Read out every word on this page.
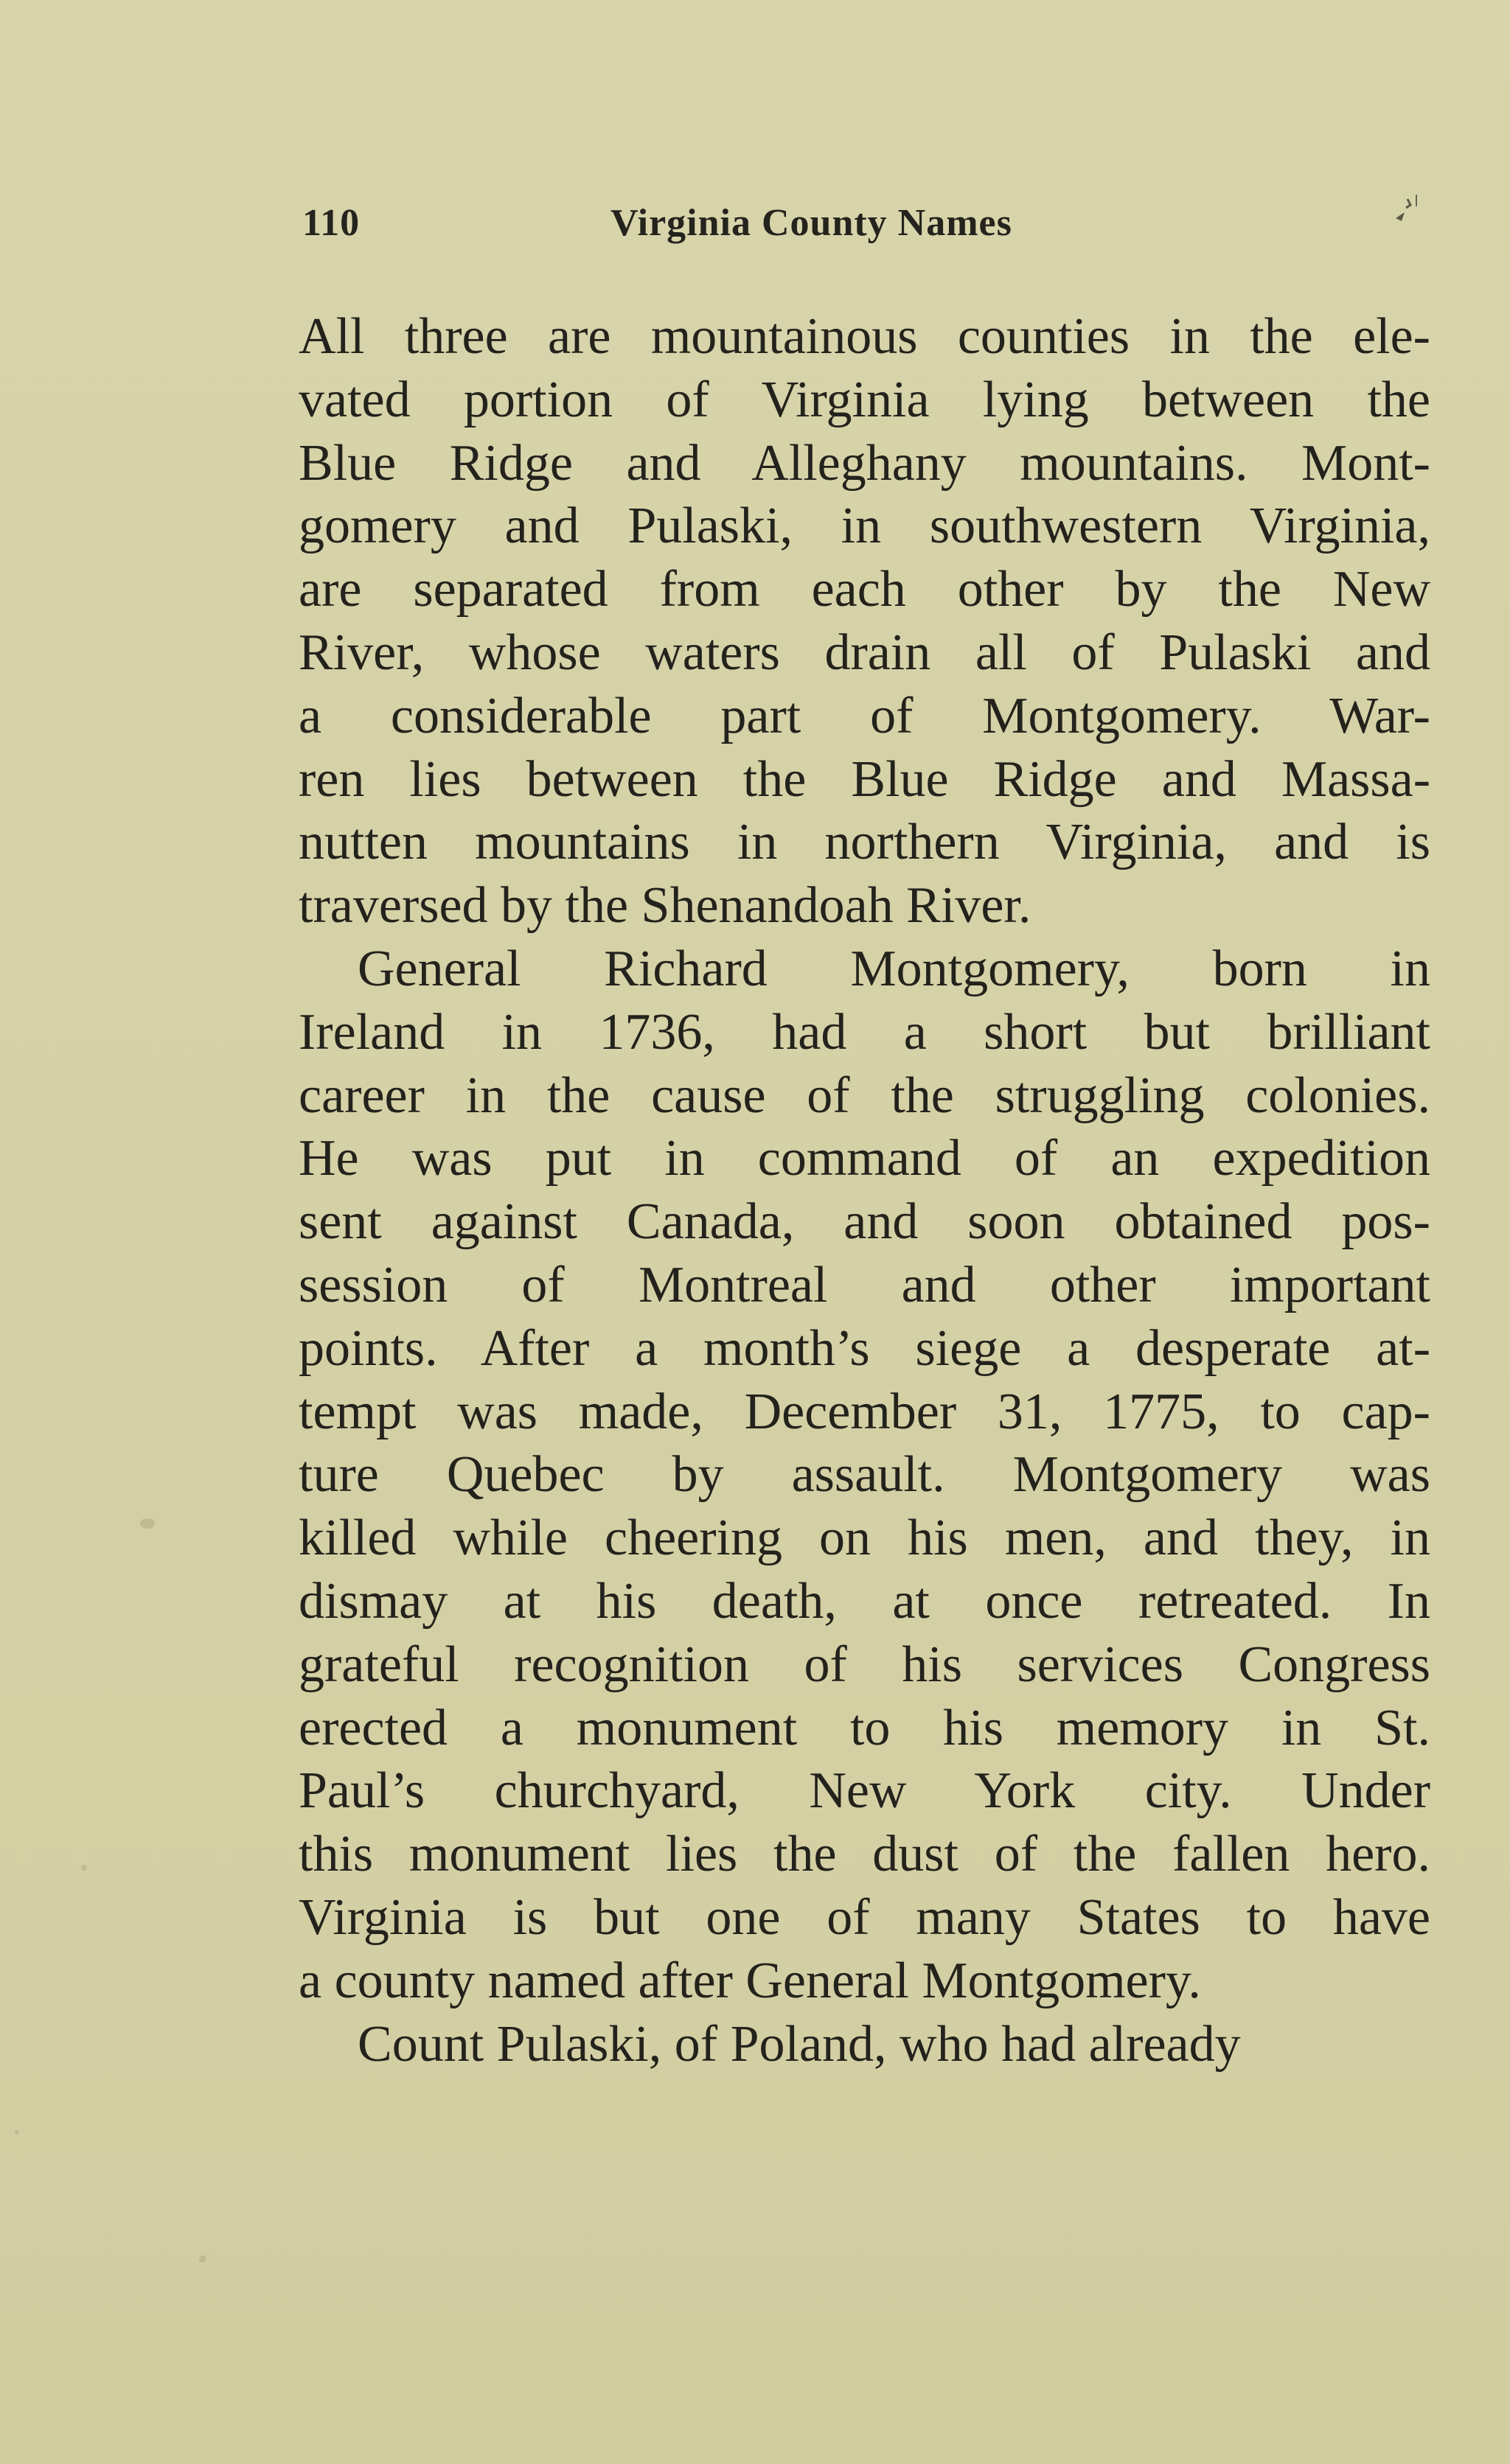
110	Virginia County Names
All three are mountainous counties in the ele-
vated portion of Virginia lying between the
Blue Ridge and Alleghany mountains. Mont-
gomery and Pulaski, in southwestern Virginia,
are separated from each other by the New
River, whose waters drain all of Pulaski and
a considerable part of Montgomery. War-
ren lies between the Blue Ridge and Massa-
nutten mountains in northern Virginia, and is
traversed by the Shenandoah River.
General Richard Montgomery, born in
Ireland in 1736, had a short but brilliant
career in the cause of the struggling colonies.
He was put in command of an expedition
sent against Canada, and soon obtained pos-
session of Montreal and other important
points. After a month’s siege a desperate at-
tempt was made, December 31, 1775, to cap-
ture Quebec by assault. Montgomery was
killed while cheering on his men, and they, in
dismay at his death, at once retreated. In
grateful recognition of his services Congress
erected a monument to his memory in St.
Paul’s churchyard, New York city. Under
this monument lies the dust of the fallen hero.
Virginia is but one of many States to have
a county named after General Montgomery.
Count Pulaski, of Poland, who had already
